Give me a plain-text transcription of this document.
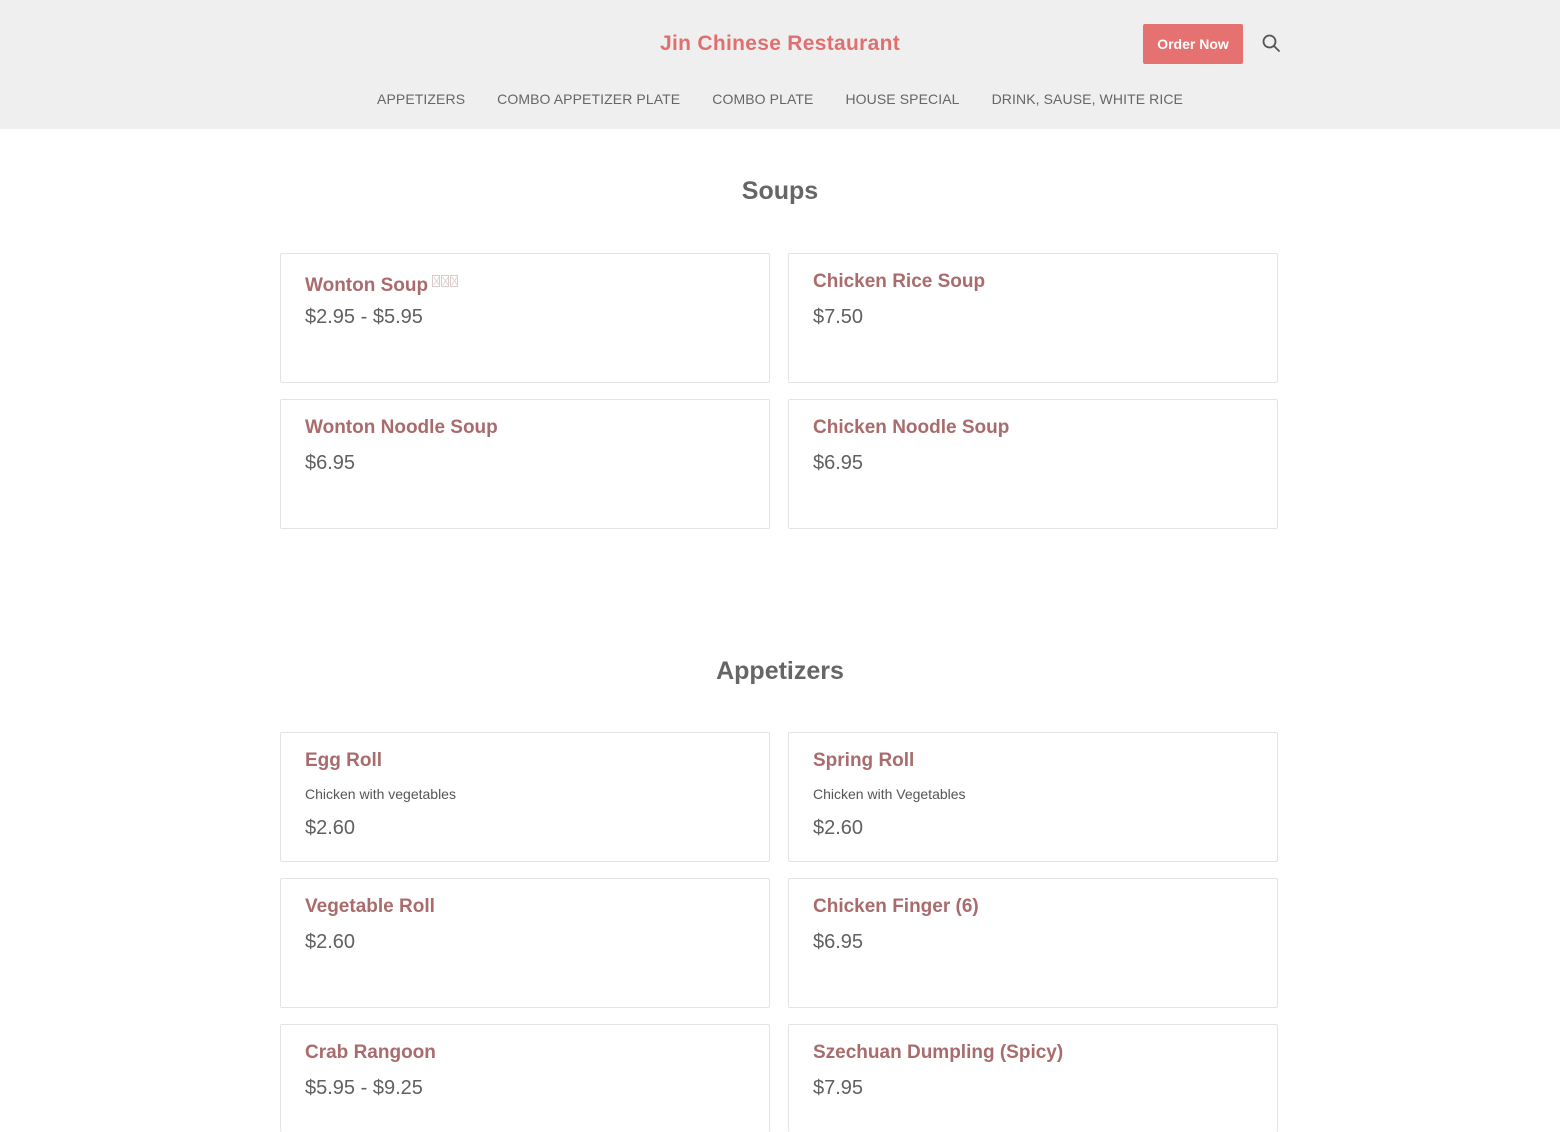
Jin Chinese Restaurant	Order Now
APPETIZERS COMBO APPETIZER PLATE COMBO PLATE HOUSE SPECIAL DRINK, SAUSE, WHITE RICE
Soups
Wonton Soup
$2.95 - $5.95
Chicken Rice Soup
$7.50
Wonton Noodle Soup
$6.95
Chicken Noodle Soup
$6.95
Appetizers
Egg Roll
Chicken with vegetables
$2.60
Spring Roll
Chicken with Vegetables
$2.60
Vegetable Roll
$2.60
Chicken Finger (6)
$6.95
Crab Rangoon
$5.95 - $9.25
Szechuan Dumpling (Spicy)
$7.95
